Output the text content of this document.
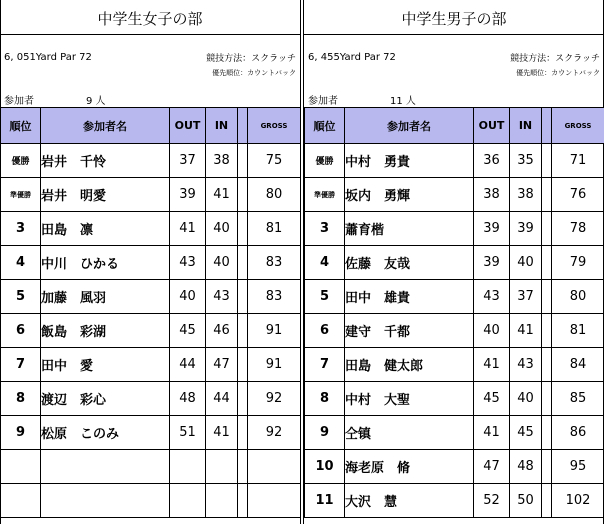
中学生女子の部
6, 051Yard Par 72	競技方法：スクラッチ
優先順位：カウントバック
参加者	9 人
順位	参加者名	OUT	IN		GROSS
優勝	岩井　千怜	37	38		75
準優勝	岩井　明愛	39	41		80
3	田島　凛	41	40		81
4	中川　ひかる	43	40		83
5	加藤　風羽	40	43		83
6	飯島　彩湖	45	46		91
7	田中　愛	44	47		91
8	渡辺　彩心	48	44		92
9	松原　このみ	51	41		92

中学生男子の部
6, 455Yard Par 72	競技方法：スクラッチ
優先順位：カウントバック
参加者	11 人
順位	参加者名	OUT	IN		GROSS
優勝	中村　勇貴	36	35		71
準優勝	坂内　勇輝	38	38		76
3	蕭育楷	39	39		78
4	佐藤　友哉	39	40		79
5	田中　雄貴	43	37		80
6	建守　千都	40	41		81
7	田島　健太郎	41	43		84
8	中村　大聖	45	40		85
9	仝镇	41	45		86
10	海老原　脩	47	48		95
11	大沢　慧	52	50		102
